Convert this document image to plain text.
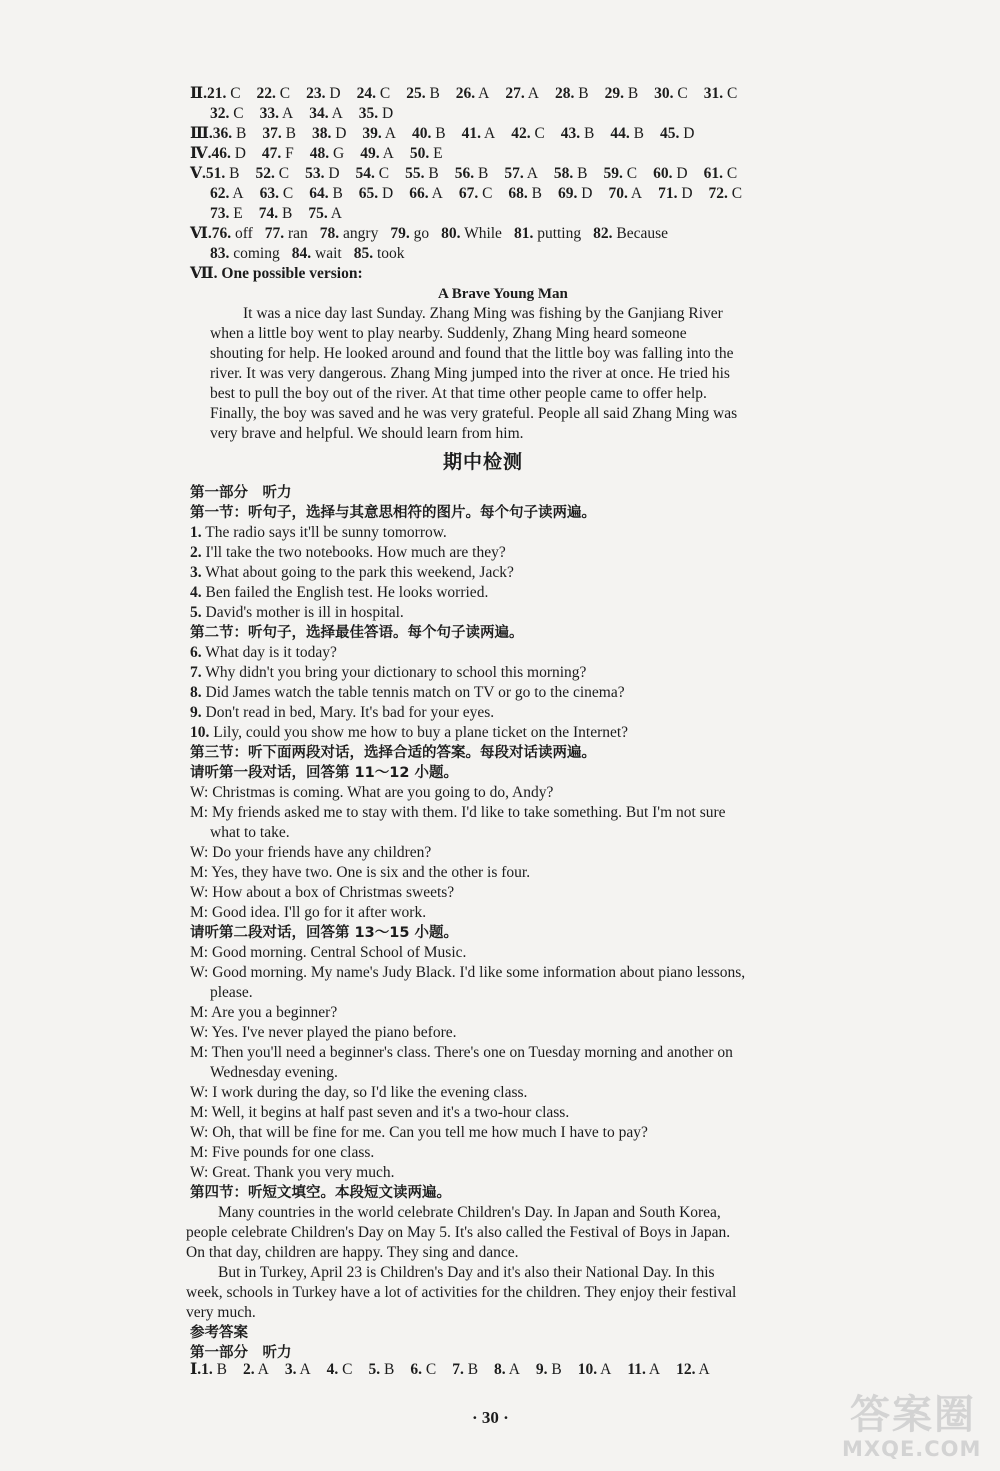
Ⅱ.21. C 22. C 23. D 24. C 25. B 26. A 27. A 28. B 29. B 30. C 31. C
32. C 33. A 34. A 35. D
Ⅲ.36. B 37. B 38. D 39. A 40. B 41. A 42. C 43. B 44. B 45. D
Ⅳ.46. D 47. F 48. G 49. A 50. E
Ⅴ.51. B 52. C 53. D 54. C 55. B 56. B 57. A 58. B 59. C 60. D 61. C
62. A 63. C 64. B 65. D 66. A 67. C 68. B 69. D 70. A 71. D 72. C
73. E 74. B 75. A
Ⅵ.76. off 77. ran 78. angry 79. go 80. While 81. putting 82. Because
83. coming 84. wait 85. took
Ⅶ. One possible version:
A Brave Young Man
It was a nice day last Sunday. Zhang Ming was fishing by the Ganjiang River
when a little boy went to play nearby. Suddenly, Zhang Ming heard someone
shouting for help. He looked around and found that the little boy was falling into the
river. It was very dangerous. Zhang Ming jumped into the river at once. He tried his
best to pull the boy out of the river. At that time other people came to offer help.
Finally, the boy was saved and he was very grateful. People all said Zhang Ming was
very brave and helpful. We should learn from him.
期中检测
第一部分　听力
第一节：听句子，选择与其意思相符的图片。每个句子读两遍。
1. The radio says it'll be sunny tomorrow.
2. I'll take the two notebooks. How much are they?
3. What about going to the park this weekend, Jack?
4. Ben failed the English test. He looks worried.
5. David's mother is ill in hospital.
第二节：听句子，选择最佳答语。每个句子读两遍。
6. What day is it today?
7. Why didn't you bring your dictionary to school this morning?
8. Did James watch the table tennis match on TV or go to the cinema?
9. Don't read in bed, Mary. It's bad for your eyes.
10. Lily, could you show me how to buy a plane ticket on the Internet?
第三节：听下面两段对话，选择合适的答案。每段对话读两遍。
请听第一段对话，回答第 11～12 小题。
W: Christmas is coming. What are you going to do, Andy?
M: My friends asked me to stay with them. I'd like to take something. But I'm not sure
what to take.
W: Do your friends have any children?
M: Yes, they have two. One is six and the other is four.
W: How about a box of Christmas sweets?
M: Good idea. I'll go for it after work.
请听第二段对话，回答第 13～15 小题。
M: Good morning. Central School of Music.
W: Good morning. My name's Judy Black. I'd like some information about piano lessons,
please.
M: Are you a beginner?
W: Yes. I've never played the piano before.
M: Then you'll need a beginner's class. There's one on Tuesday morning and another on
Wednesday evening.
W: I work during the day, so I'd like the evening class.
M: Well, it begins at half past seven and it's a two-hour class.
W: Oh, that will be fine for me. Can you tell me how much I have to pay?
M: Five pounds for one class.
W: Great. Thank you very much.
第四节：听短文填空。本段短文读两遍。
Many countries in the world celebrate Children's Day. In Japan and South Korea,
people celebrate Children's Day on May 5. It's also called the Festival of Boys in Japan.
On that day, children are happy. They sing and dance.
But in Turkey, April 23 is Children's Day and it's also their National Day. In this
week, schools in Turkey have a lot of activities for the children. They enjoy their festival
very much.
参考答案
第一部分　听力
Ⅰ.1. B 2. A 3. A 4. C 5. B 6. C 7. B 8. A 9. B 10. A 11. A 12. A
· 30 ·	答案圈
MXQE.COM
